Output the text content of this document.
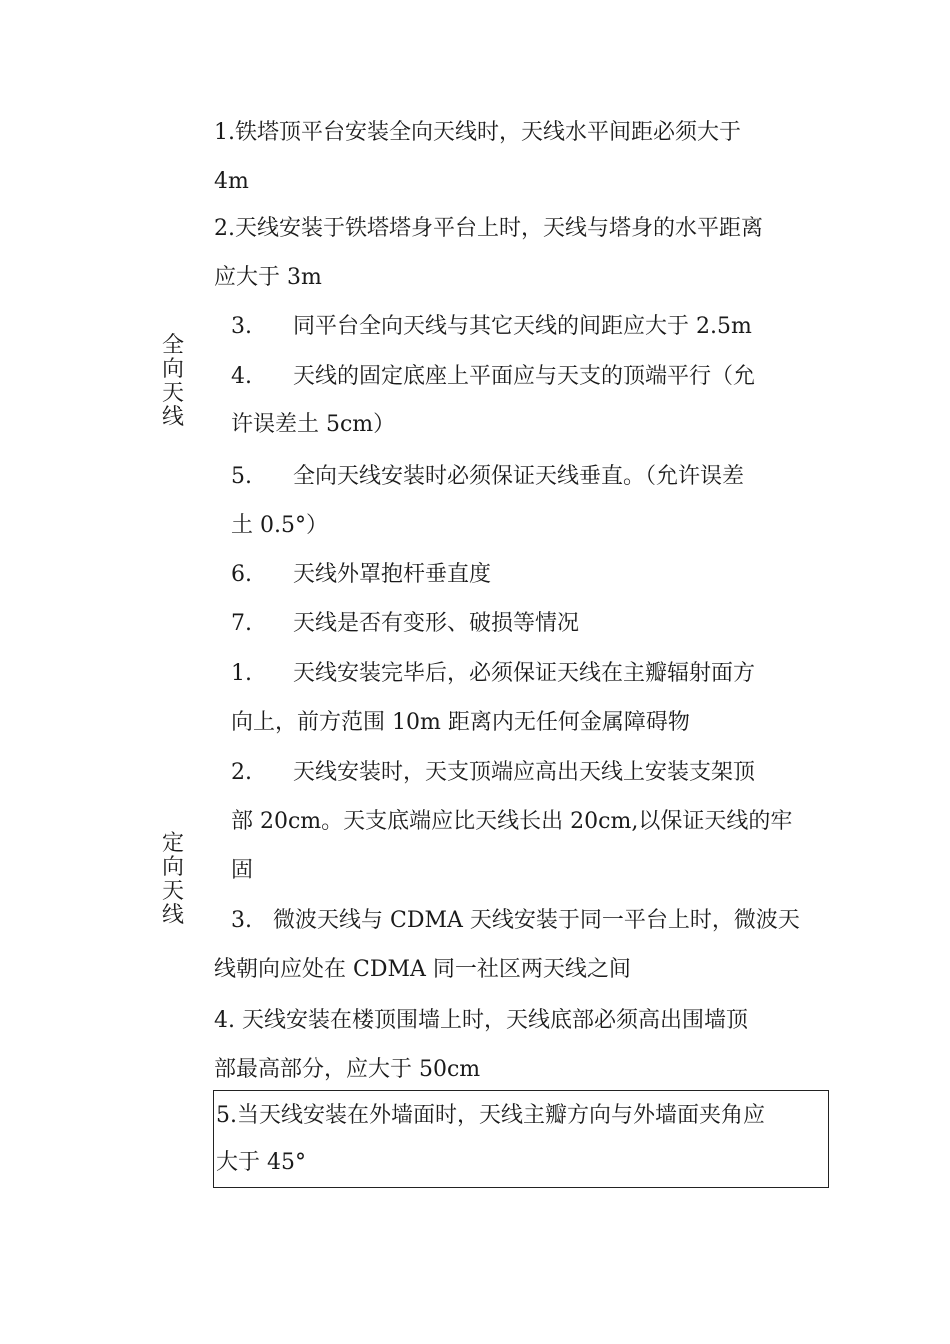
全向天线
定向天线
1.铁塔顶平台安装全向天线时，天线水平间距必须大于
4m
2.天线安装于铁塔塔身平台上时，天线与塔身的水平距离
应大于 3m
3. 同平台全向天线与其它天线的间距应大于 2.5m
4. 天线的固定底座上平面应与天支的顶端平行（允
许误差土 5cm）
5. 全向天线安装时必须保证天线垂直。（允许误差
土 0.5°）
6. 天线外罩抱杆垂直度
7. 天线是否有变形、破损等情况
1. 天线安装完毕后，必须保证天线在主瓣辐射面方
向上，前方范围 10m 距离内无任何金属障碍物
2. 天线安装时，天支顶端应高出天线上安装支架顶
部 20cm。天支底端应比天线长出 20cm,以保证天线的牢
固
3. 微波天线与 CDMA 天线安装于同一平台上时，微波天
线朝向应处在 CDMA 同一社区两天线之间
4. 天线安装在楼顶围墙上时，天线底部必须高出围墙顶
部最高部分，应大于 50cm
5.当天线安装在外墙面时，天线主瓣方向与外墙面夹角应
大于 45°
